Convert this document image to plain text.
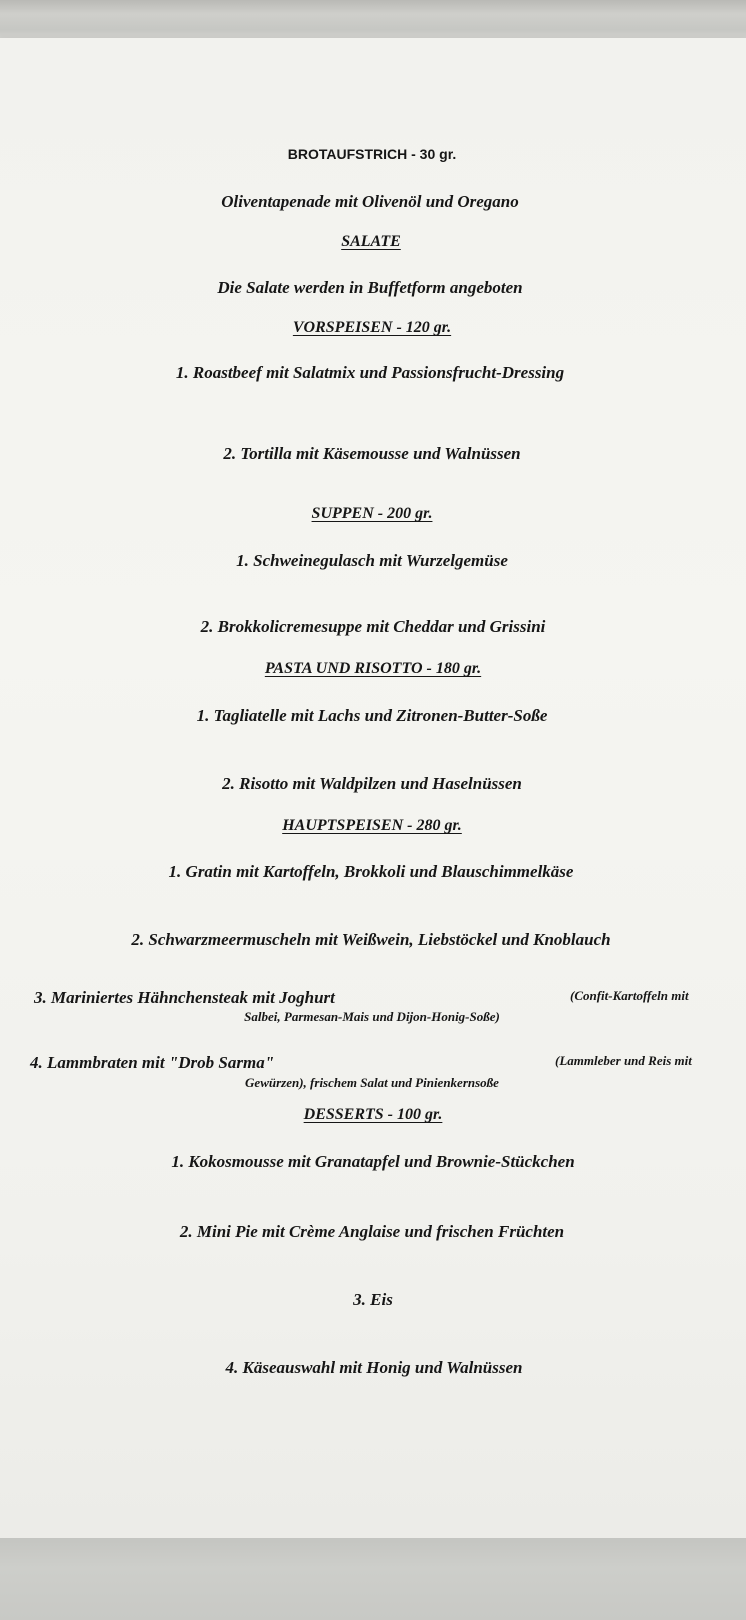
BROTAUFSTRICH - 30 gr.
Oliventapenade mit Olivenöl und Oregano
SALATE
Die Salate werden in Buffetform angeboten
VORSPEISEN - 120 gr.
1. Roastbeef mit Salatmix und Passionsfrucht-Dressing
2. Tortilla mit Käsemousse und Walnüssen
SUPPEN - 200 gr.
1. Schweinegulasch mit Wurzelgemüse
2. Brokkolicremesuppe mit Cheddar und Grissini
PASTA UND RISOTTO - 180 gr.
1. Tagliatelle mit Lachs und Zitronen-Butter-Soße
2. Risotto mit Waldpilzen und Haselnüssen
HAUPTSPEISEN - 280 gr.
1. Gratin mit Kartoffeln, Brokkoli und Blauschimmelkäse
2. Schwarzmeermuscheln mit Weißwein, Liebstöckel und Knoblauch
3. Mariniertes Hähnchensteak mit Joghurt	(Confit-Kartoffeln mit
Salbei, Parmesan-Mais und Dijon-Honig-Soße)
4. Lammbraten mit "Drob Sarma"	(Lammleber und Reis mit
Gewürzen), frischem Salat und Pinienkernsoße
DESSERTS - 100 gr.
1. Kokosmousse mit Granatapfel und Brownie-Stückchen
2. Mini Pie mit Crème Anglaise und frischen Früchten
3. Eis
4. Käseauswahl mit Honig und Walnüssen
